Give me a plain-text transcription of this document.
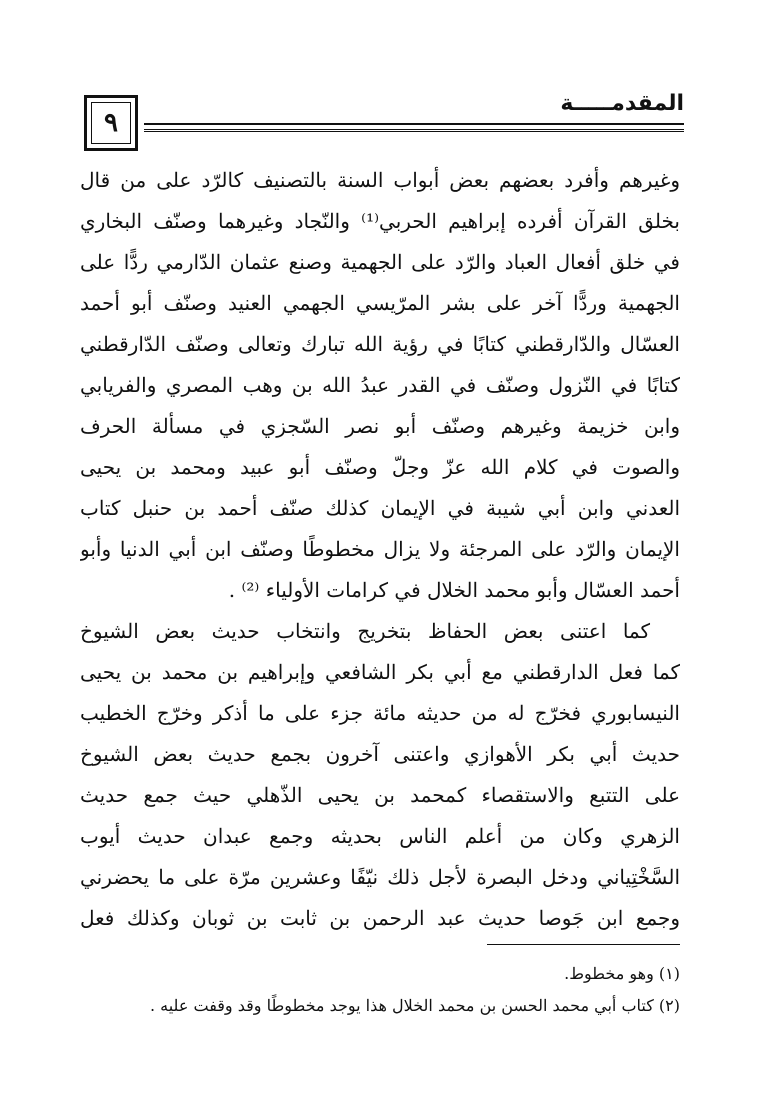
٩
المقدمـــــة
وغيرهم وأفرد بعضهم بعض أبواب السنة بالتصنيف كالرّد على من قال
بخلق القرآن أفرده إبراهيم الحربي⁽¹⁾ والنّجاد وغيرهما وصنّف البخاري
في خلق أفعال العباد والرّد على الجهمية وصنع عثمان الدّارمي ردًّا على
الجهمية وردًّا آخر على بشر المرّيسي الجهمي العنيد وصنّف أبو أحمد
العسّال والدّارقطني كتابًا في رؤية الله تبارك وتعالى وصنّف الدّارقطني
كتابًا في النّزول وصنّف في القدر عبدُ الله بن وهب المصري والفريابي
وابن خزيمة وغيرهم وصنّف أبو نصر السّجزي في مسألة الحرف
والصوت في كلام الله عزّ وجلّ وصنّف أبو عبيد ومحمد بن يحيى
العدني وابن أبي شيبة في الإيمان كذلك صنّف أحمد بن حنبل كتاب
الإيمان والرّد على المرجئة ولا يزال مخطوطًا وصنّف ابن أبي الدنيا وأبو
أحمد العسّال وأبو محمد الخلال في كرامات الأولياء ⁽²⁾ .
كما اعتنى بعض الحفاظ بتخريج وانتخاب حديث بعض الشيوخ
كما فعل الدارقطني مع أبي بكر الشافعي وإبراهيم بن محمد بن يحيى
النيسابوري فخرّج له من حديثه مائة جزء على ما أذكر وخرّج الخطيب
حديث أبي بكر الأهوازي واعتنى آخرون بجمع حديث بعض الشيوخ
على التتبع والاستقصاء كمحمد بن يحيى الذّهلي حيث جمع حديث
الزهري وكان من أعلم الناس بحديثه وجمع عبدان حديث أيوب
السَّخْتِياني ودخل البصرة لأجل ذلك نيّفًا وعشرين مرّة على ما يحضرني
وجمع ابن جَوصا حديث عبد الرحمن بن ثابت بن ثوبان وكذلك فعل
(١) وهو مخطوط.
(٢) كتاب أبي محمد الحسن بن محمد الخلال هذا يوجد مخطوطًا وقد وقفت عليه .
